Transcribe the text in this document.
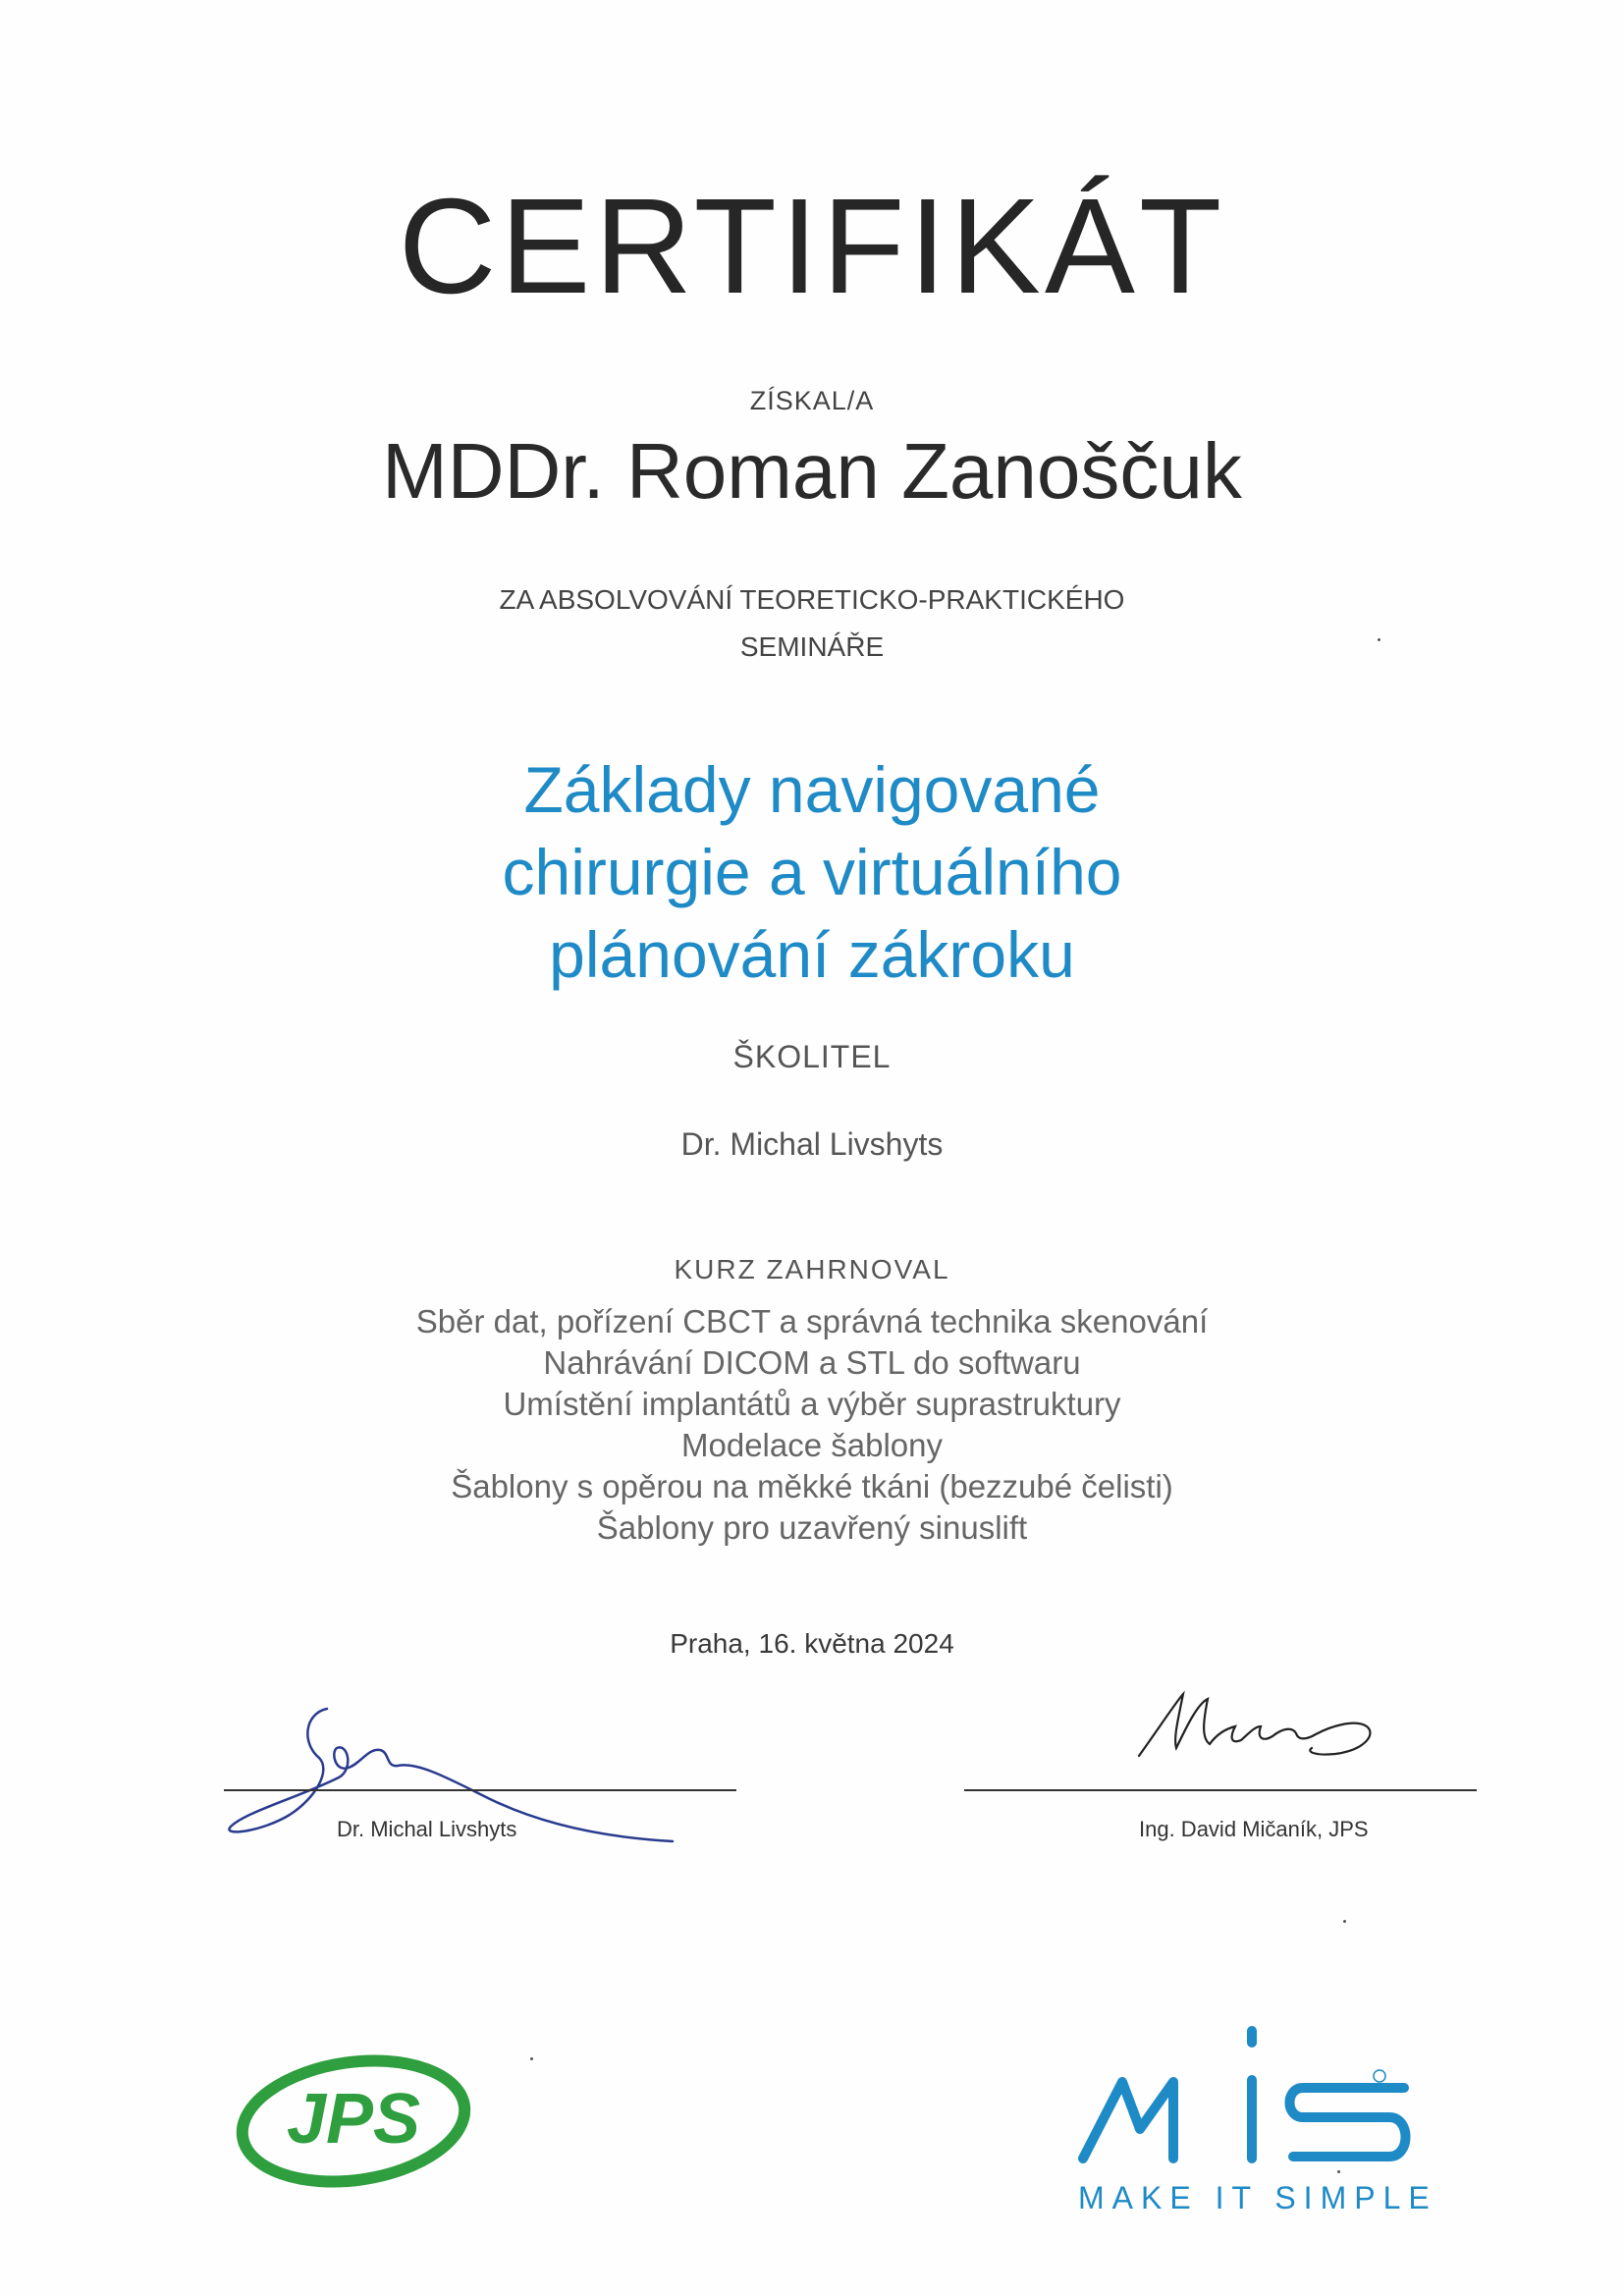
CERTIFIKÁT
ZÍSKAL/A
MDDr. Roman Zanoščuk
ZA ABSOLVOVÁNÍ TEORETICKO-PRAKTICKÉHO
SEMINÁŘE
Základy navigované
chirurgie a virtuálního
plánování zákroku
ŠKOLITEL
Dr. Michal Livshyts
KURZ ZAHRNOVAL
Sběr dat, pořízení CBCT a správná technika skenování
Nahrávání DICOM a STL do softwaru
Umístění implantátů a výběr suprastruktury
Modelace šablony
Šablony s opěrou na měkké tkáni (bezzubé čelisti)
Šablony pro uzavřený sinuslift
Praha, 16. května 2024
Dr. Michal Livshyts	Ing. David Mičaník, JPS
JPS
MAKE IT SIMPLE
